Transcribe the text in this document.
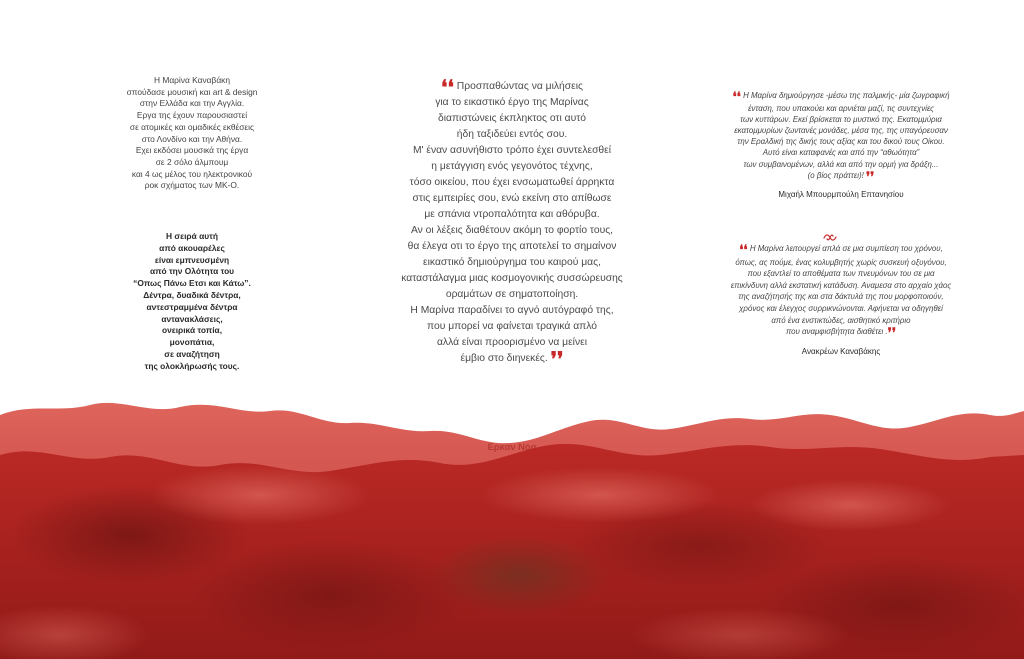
Η Μαρίνα Καναβάκη
σπούδασε μουσική και art & design
στην Ελλάδα και την Αγγλία.
Εργα της έχουν παρουσιαστεί
σε ατομικές και ομαδικές εκθέσεις
στο Λονδίνο και την Αθήνα.
Εχει εκδόσει μουσικά της έργα
σε 2 σόλο άλμπουμ
και 4 ως μέλος του ηλεκτρονικού
ροκ σχήματος των ΜΚ-Ο.
Η σειρά αυτή
από ακουαρέλες
είναι εμπνευσμένη
από την Ολότητα του
“Οπως Πάνω Ετσι και Κάτω”.
Δέντρα, δυαδικά δέντρα,
αντεστραμμένα δέντρα
αντανακλάσεις,
ονειρικά τοπία,
μονοπάτια,
σε αναζήτηση
της ολοκλήρωσής τους.
❛❛ Προσπαθώντας να μιλήσεις
για το εικαστικό έργο της Μαρίνας
διαπιστώνεις έκπληκτος οτι αυτό
ήδη ταξιδεύει εντός σου.
Μ' έναν ασυνήθιστο τρόπο έχει συντελεσθεί
η μετάγγιση ενός γεγονότος τέχνης,
τόσο οικείου, που έχει ενσωματωθεί άρρηκτα
στις εμπειρίες σου, ενώ εκείνη στο απίθωσε
με σπάνια ντροπαλότητα και αθόρυβα.
Αν οι λέξεις διαθέτουν ακόμη το φορτίο τους,
θα έλεγα οτι το έργο της αποτελεί το σημαίνον
εικαστικό δημιούργημα του καιρού μας,
καταστάλαγμα μιας κοσμογονικής συσσώρευσης
οραμάτων σε σηματοποίηση.
Η Μαρίνα παραδίνει το αγνό αυτόγραφό της,
που μπορεί να φαίνεται τραγικά απλό
αλλά είναι προορισμένο να μείνει
έμβιο στο διηνεκές. ❜❜
❛❛ Η Μαρίνα δημιούργησε -μέσω της παλμικής- μία ζωγραφική
ένταση, που υπακούει και αρνιέται μαζί, τις συντεχνίες
των κυττάρων. Εκεί βρίσκεται το μυστικό της. Εκατομμύρια
εκατομμυρίων ζωντανές μονάδες, μέσα της, της υπαγόρευσαν
την Εραλδική της δικής τους αξίας και του δικού τους Οίκου.
Αυτό είναι καταφανές και από την “αθωότητα”
των συμβαινομένων, αλλά και από την ορμή για δράξη...
(ο βίος πράττει)! ❜❜
Μιχαήλ Μπουρμπούλη Επτανησίου
❛❛ Η Μαρίνα λειτουργεί απλά σε μια συμπίεση του χρόνου,
όπως, ας πούμε, ένας κολυμβητής χωρίς συσκευή οξυγόνου,
που εξαντλεί το αποθέματα των πνευμόνων του σε μια
επικίνδυνη αλλά εκστατική κατάδυση. Αναμεσα στο αρχαίο χάος
της αναζήτησής της και στα δάκτυλά της που μορφοποιούν,
χρόνος και έλεγχος συρρικνώνονται. Αφήνεται να οδηγηθεί
από ένα ενστικτώδες, αισθητικό κριτήριο
που αναμφισβήτητα διαθέτει .❜❜
Ανακρέων Καναβάκης
